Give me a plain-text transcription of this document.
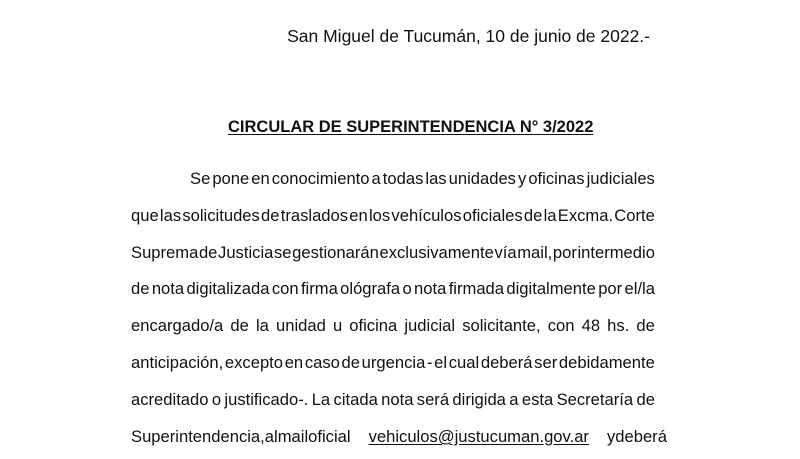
San Miguel de Tucumán, 10 de junio de 2022.-
CIRCULAR DE SUPERINTENDENCIA N° 3/2022
Se pone en conocimiento a todas las unidades y oficinas judiciales
que las solicitudes de traslados en los vehículos oficiales de la Excma. Corte
Suprema de Justicia se gestionarán exclusivamente vía mail, por intermedio
de nota digitalizada con firma ológrafa o nota firmada digitalmente por el/la
encargado/a de la unidad u oficina judicial solicitante, con 48 hs. de
anticipación, excepto en caso de urgencia - el cual deberá ser debidamente
acreditado o justificado-. La citada nota será dirigida a esta Secretaría de
Superintendencia, al mail oficial vehiculos@justucuman.gov.ar y deberá
